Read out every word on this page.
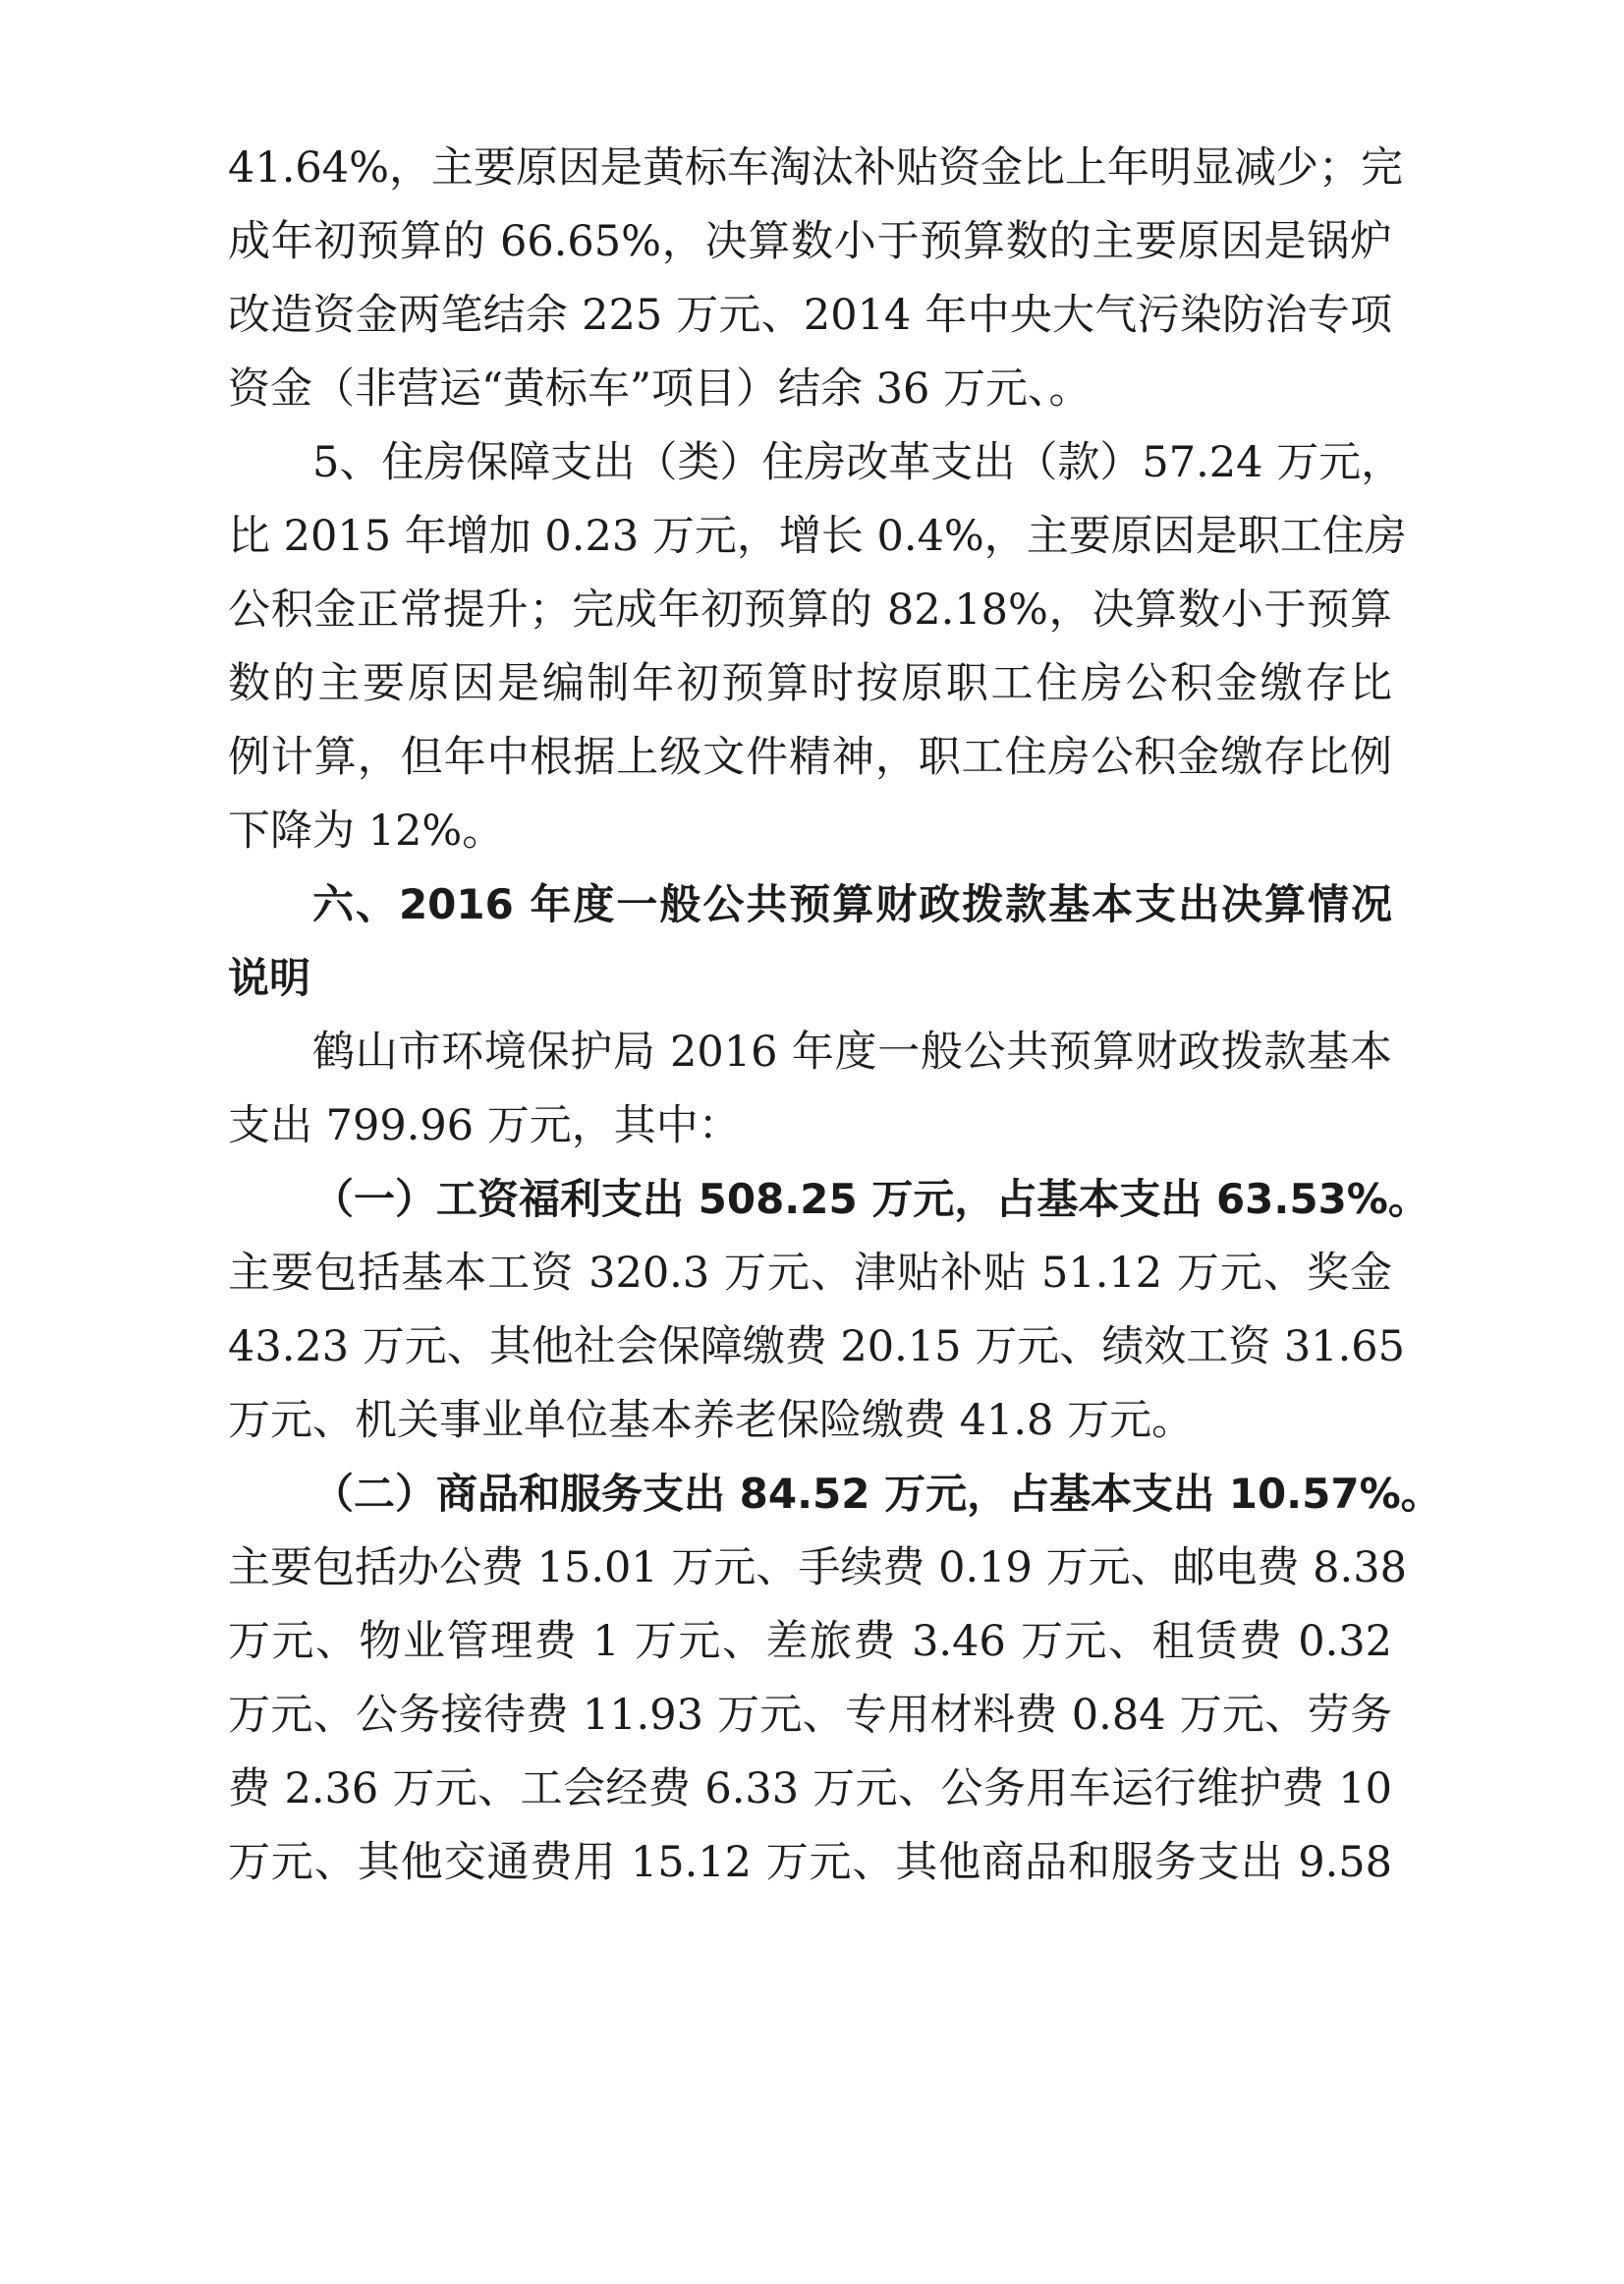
41.64%，主要原因是黄标车淘汰补贴资金比上年明显减少；完
成年初预算的 66.65%，决算数小于预算数的主要原因是锅炉
改造资金两笔结余 225 万元、2014 年中央大气污染防治专项
资金（非营运“黄标车”项目）结余 36 万元、。
5、住房保障支出（类）住房改革支出（款）57.24 万元，
比 2015 年增加 0.23 万元，增长 0.4%，主要原因是职工住房
公积金正常提升；完成年初预算的 82.18%，决算数小于预算
数的主要原因是编制年初预算时按原职工住房公积金缴存比
例计算，但年中根据上级文件精神，职工住房公积金缴存比例
下降为 12%。
六、2016 年度一般公共预算财政拨款基本支出决算情况
说明
鹤山市环境保护局 2016 年度一般公共预算财政拨款基本
支出 799.96 万元，其中：
（一）工资福利支出 508.25 万元，占基本支出 63.53%。
主要包括基本工资 320.3 万元、津贴补贴 51.12 万元、奖金
43.23 万元、其他社会保障缴费 20.15 万元、绩效工资 31.65
万元、机关事业单位基本养老保险缴费 41.8 万元。
（二）商品和服务支出 84.52 万元，占基本支出 10.57%。
主要包括办公费 15.01 万元、手续费 0.19 万元、邮电费 8.38
万元、物业管理费 1 万元、差旅费 3.46 万元、租赁费 0.32
万元、公务接待费 11.93 万元、专用材料费 0.84 万元、劳务
费 2.36 万元、工会经费 6.33 万元、公务用车运行维护费 10
万元、其他交通费用 15.12 万元、其他商品和服务支出 9.58
